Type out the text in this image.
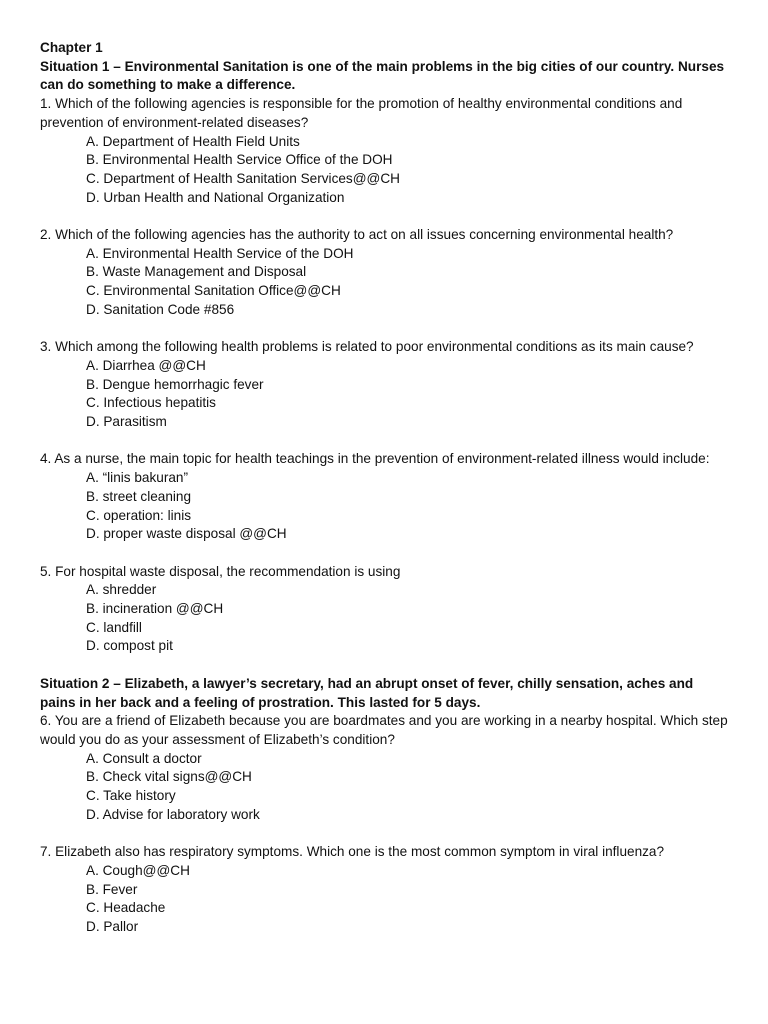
Chapter 1
Situation 1 – Environmental Sanitation is one of the main problems in the big cities of our country. Nurses can do something to make a difference.
1. Which of the following agencies is responsible for the promotion of healthy environmental conditions and prevention of environment-related diseases?
A. Department of Health Field Units
B. Environmental Health Service Office of the DOH
C. Department of Health Sanitation Services@@CH
D. Urban Health and National Organization
2. Which of the following agencies has the authority to act on all issues concerning environmental health?
A. Environmental Health Service of the DOH
B. Waste Management and Disposal
C. Environmental Sanitation Office@@CH
D. Sanitation Code #856
3. Which among the following health problems is related to poor environmental conditions as its main cause?
A. Diarrhea @@CH
B. Dengue hemorrhagic fever
C. Infectious hepatitis
D. Parasitism
4. As a nurse, the main topic for health teachings in the prevention of environment-related illness would include:
A. “linis bakuran”
B. street cleaning
C. operation: linis
D. proper waste disposal @@CH
5. For hospital waste disposal, the recommendation is using
A. shredder
B. incineration @@CH
C. landfill
D. compost pit
Situation 2 – Elizabeth, a lawyer’s secretary, had an abrupt onset of fever, chilly sensation, aches and pains in her back and a feeling of prostration. This lasted for 5 days.
6. You are a friend of Elizabeth because you are boardmates and you are working in a nearby hospital. Which step would you do as your assessment of Elizabeth’s condition?
A. Consult a doctor
B. Check vital signs@@CH
C. Take history
D. Advise for laboratory work
7. Elizabeth also has respiratory symptoms. Which one is the most common symptom in viral influenza?
A. Cough@@CH
B. Fever
C. Headache
D. Pallor
